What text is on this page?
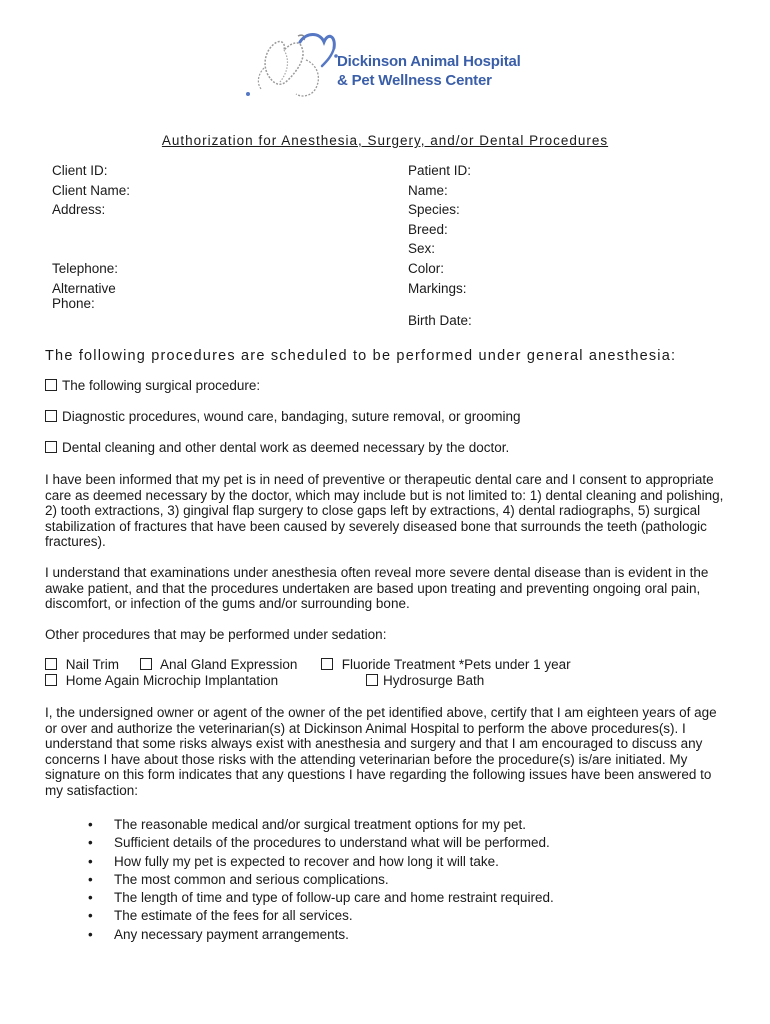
Dickinson Animal Hospital
& Pet Wellness Center
Authorization for Anesthesia, Surgery, and/or Dental Procedures
Client ID:
Client Name:
Address:
Telephone:
Alternative Phone:
Patient ID:
Name:
Species:
Breed:
Sex:
Color:
Markings:
Birth Date:
The following procedures are scheduled to be performed under general anesthesia:
The following surgical procedure:
Diagnostic procedures, wound care, bandaging, suture removal, or grooming
Dental cleaning and other dental work as deemed necessary by the doctor.
I have been informed that my pet is in need of preventive or therapeutic dental care and I consent to appropriate care as deemed necessary by the doctor, which may include but is not limited to: 1) dental cleaning and polishing, 2) tooth extractions, 3) gingival flap surgery to close gaps left by extractions, 4) dental radiographs, 5) surgical stabilization of fractures that have been caused by severely diseased bone that surrounds the teeth (pathologic fractures).
I understand that examinations under anesthesia often reveal more severe dental disease than is evident in the awake patient, and that the procedures undertaken are based upon treating and preventing ongoing oral pain, discomfort, or infection of the gums and/or surrounding bone.
Other procedures that may be performed under sedation:
Nail Trim	Anal Gland Expression	Fluoride Treatment *Pets under 1 year
Home Again Microchip Implantation	Hydrosurge Bath
I, the undersigned owner or agent of the owner of the pet identified above, certify that I am eighteen years of age or over and authorize the veterinarian(s) at Dickinson Animal Hospital to perform the above procedures(s). I understand that some risks always exist with anesthesia and surgery and that I am encouraged to discuss any concerns I have about those risks with the attending veterinarian before the procedure(s) is/are initiated. My signature on this form indicates that any questions I have regarding the following issues have been answered to my satisfaction:
• The reasonable medical and/or surgical treatment options for my pet.
• Sufficient details of the procedures to understand what will be performed.
• How fully my pet is expected to recover and how long it will take.
• The most common and serious complications.
• The length of time and type of follow-up care and home restraint required.
• The estimate of the fees for all services.
• Any necessary payment arrangements.
